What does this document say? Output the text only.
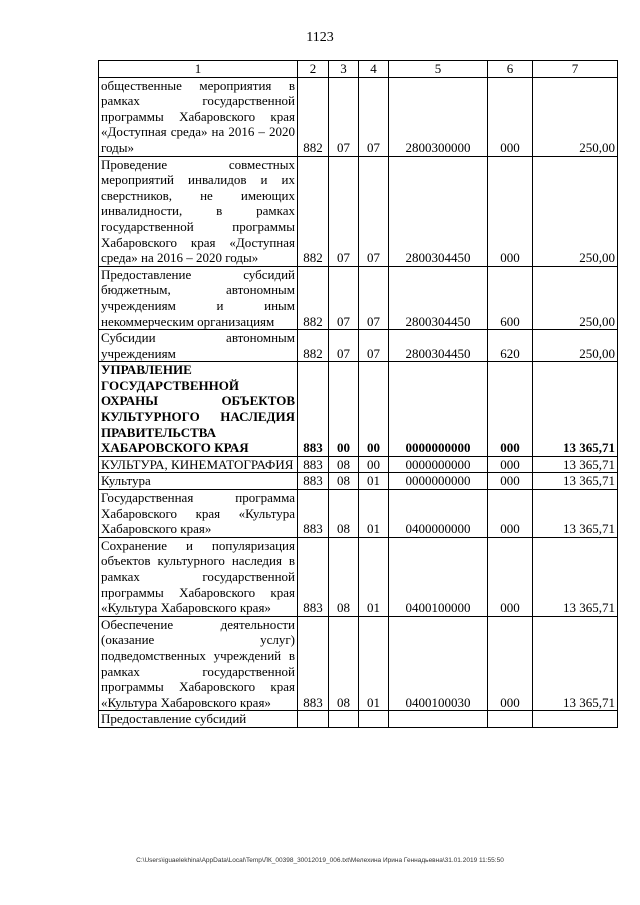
1123
1	2	3	4	5	6	7
общественные мероприятия в рамках государственной программы Хабаровского края «Доступная среда» на 2016 – 2020 годы»	882	07	07	2800300000	000	250,00
Проведение совместных мероприятий инвалидов и их сверстников, не имеющих инвалидности, в рамках государственной программы Хабаровского края «Доступная среда» на 2016 – 2020 годы»	882	07	07	2800304450	000	250,00
Предоставление субсидий бюджетным, автономным учреждениям и иным некоммерческим организациям	882	07	07	2800304450	600	250,00
Субсидии автономным учреждениям	882	07	07	2800304450	620	250,00
УПРАВЛЕНИЕ ГОСУДАРСТВЕННОЙ ОХРАНЫ ОБЪЕКТОВ КУЛЬТУРНОГО НАСЛЕДИЯ ПРАВИТЕЛЬСТВА ХАБАРОВСКОГО КРАЯ	883	00	00	0000000000	000	13 365,71
КУЛЬТУРА, КИНЕМАТОГРАФИЯ	883	08	00	0000000000	000	13 365,71
Культура	883	08	01	0000000000	000	13 365,71
Государственная программа Хабаровского края «Культура Хабаровского края»	883	08	01	0400000000	000	13 365,71
Сохранение и популяризация объектов культурного наследия в рамках государственной программы Хабаровского края «Культура Хабаровского края»	883	08	01	0400100000	000	13 365,71
Обеспечение деятельности (оказание услуг) подведомственных учреждений в рамках государственной программы Хабаровского края «Культура Хабаровского края»	883	08	01	0400100030	000	13 365,71
Предоставление субсидий						
C:\Users\iguaelekhina\AppData\Local\Temp\ЛК_00398_30012019_006.txt\Мелехина Ирина Геннадьевна\31.01.2019 11:55:50
